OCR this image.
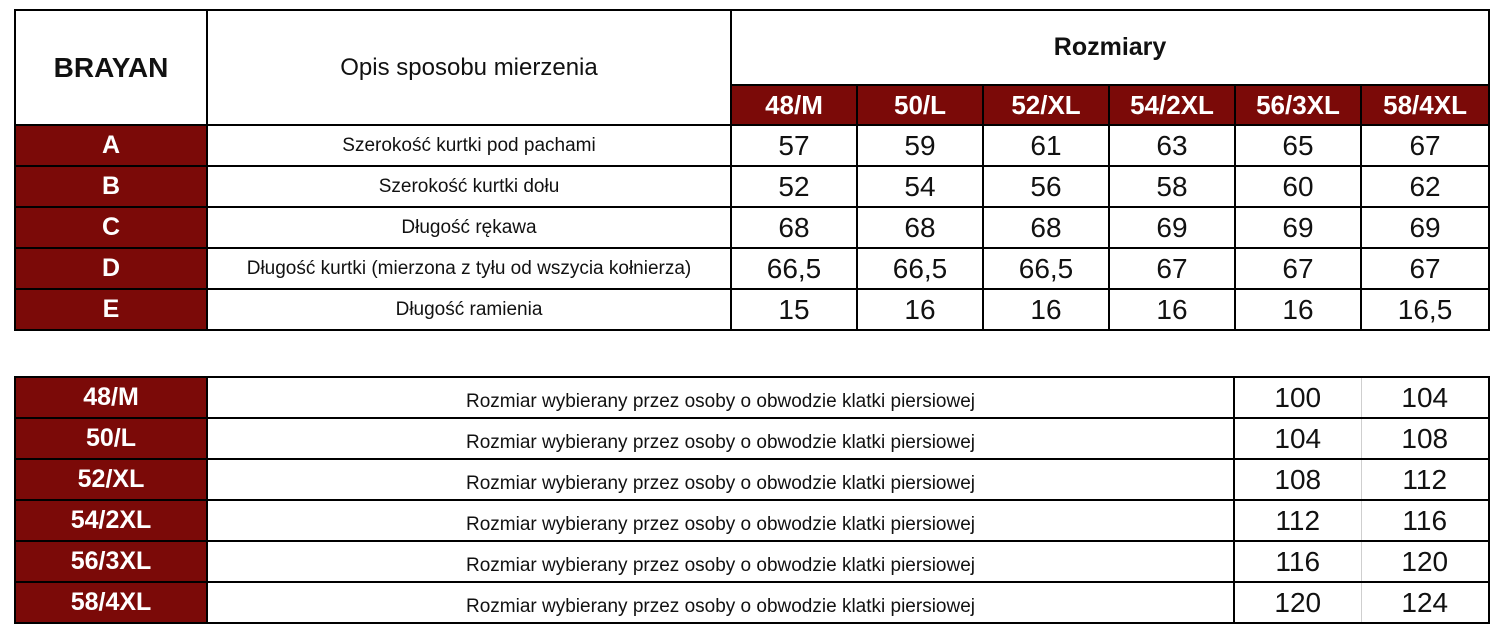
BRAYAN	Opis sposobu mierzenia	Rozmiary					
		48/M	50/L	52/XL	54/2XL	56/3XL	58/4XL
A	Szerokość kurtki pod pachami	57	59	61	63	65	67
B	Szerokość kurtki dołu	52	54	56	58	60	62
C	Długość rękawa	68	68	68	69	69	69
D	Długość kurtki (mierzona z tyłu od wszycia kołnierza)	66,5	66,5	66,5	67	67	67
E	Długość ramienia	15	16	16	16	16	16,5
48/M	Rozmiar wybierany przez osoby o obwodzie klatki piersiowej	100	104
50/L	Rozmiar wybierany przez osoby o obwodzie klatki piersiowej	104	108
52/XL	Rozmiar wybierany przez osoby o obwodzie klatki piersiowej	108	112
54/2XL	Rozmiar wybierany przez osoby o obwodzie klatki piersiowej	112	116
56/3XL	Rozmiar wybierany przez osoby o obwodzie klatki piersiowej	116	120
58/4XL	Rozmiar wybierany przez osoby o obwodzie klatki piersiowej	120	124
